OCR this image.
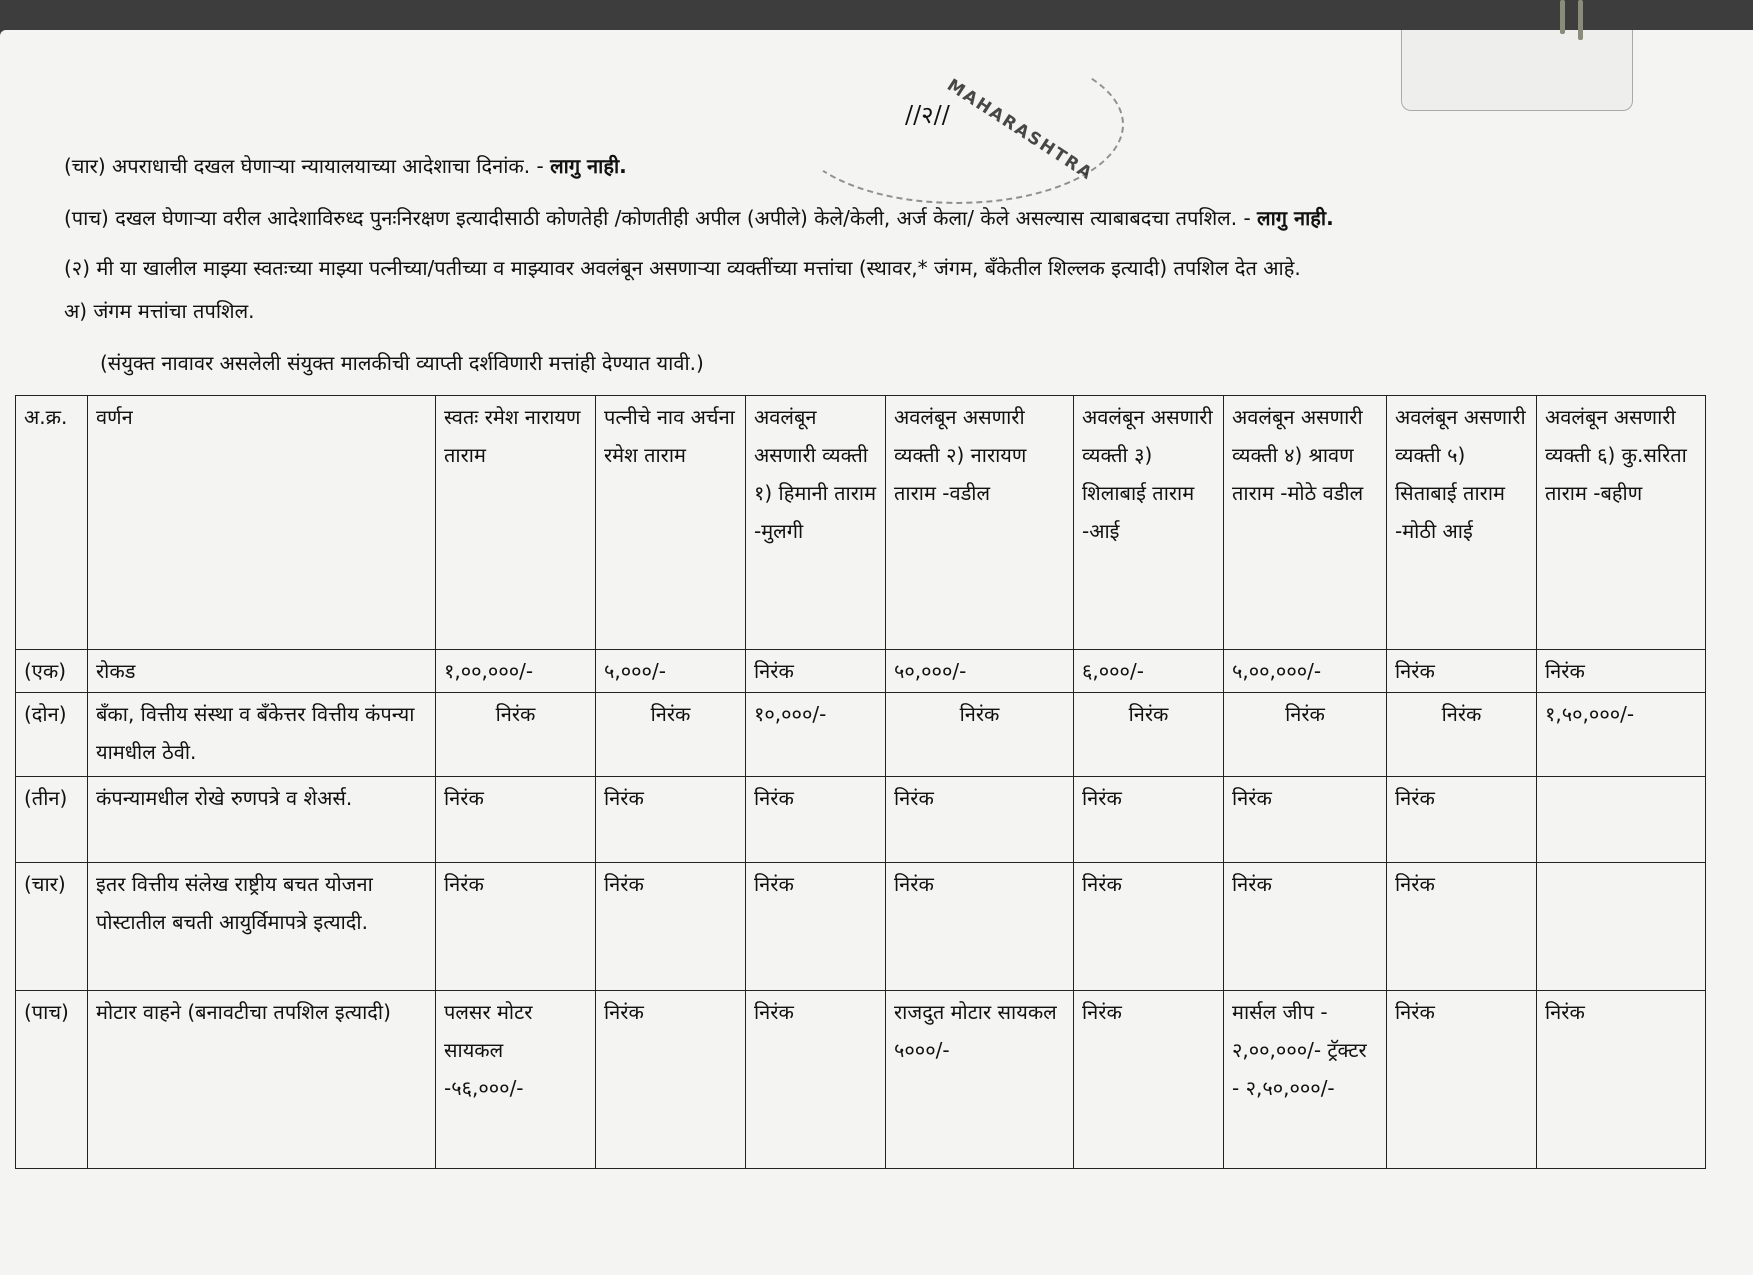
MAHARASHTRA
//२//
(चार) अपराधाची दखल घेणाऱ्या न्यायालयाच्या आदेशाचा दिनांक. - लागु नाही.
(पाच) दखल घेणाऱ्या वरील आदेशाविरुध्द पुनःनिरक्षण इत्यादीसाठी कोणतेही /कोणतीही अपील (अपीले) केले/केली, अर्ज केला/ केले असल्यास त्याबाबदचा तपशिल. - लागु नाही.
(२) मी या खालील माझ्या स्वतःच्या माझ्या पत्नीच्या/पतीच्या व माझ्यावर अवलंबून असणाऱ्या व्यक्तींच्या मत्तांचा (स्थावर,* जंगम, बँकेतील शिल्लक इत्यादी) तपशिल देत आहे.
अ) जंगम मत्तांचा तपशिल.
(संयुक्त नावावर असलेली संयुक्त मालकीची व्याप्ती दर्शविणारी मत्तांही देण्यात यावी.)
अ.क्र.	वर्णन	स्वतः रमेश नारायण ताराम	पत्नीचे नाव अर्चना रमेश ताराम	अवलंबून असणारी व्यक्ती १) हिमानी ताराम -मुलगी	अवलंबून असणारी व्यक्ती २) नारायण ताराम -वडील	अवलंबून असणारी व्यक्ती ३) शिलाबाई ताराम -आई	अवलंबून असणारी व्यक्ती ४) श्रावण ताराम -मोठे वडील	अवलंबून असणारी व्यक्ती ५) सिताबाई ताराम -मोठी आई	अवलंबून असणारी व्यक्ती ६) कु.सरिता ताराम -बहीण
(एक)	रोकड	१,००,०००/-	५,०००/-	निरंक	५०,०००/-	६,०००/-	५,००,०००/-	निरंक	निरंक
(दोन)	बँका, वित्तीय संस्था व बँकेत्तर वित्तीय कंपन्या यामधील ठेवी.	निरंक	निरंक	१०,०००/-	निरंक	निरंक	निरंक	निरंक	१,५०,०००/-
(तीन)	कंपन्यामधील रोखे रुणपत्रे व शेअर्स.	निरंक	निरंक	निरंक	निरंक	निरंक	निरंक	निरंक	
(चार)	इतर वित्तीय संलेख राष्ट्रीय बचत योजना पोस्टातील बचती आयुर्विमापत्रे इत्यादी.	निरंक	निरंक	निरंक	निरंक	निरंक	निरंक	निरंक	
(पाच)	मोटार वाहने (बनावटीचा तपशिल इत्यादी)	पलसर मोटर सायकल -५६,०००/-	निरंक	निरंक	राजदुत मोटार सायकल ५०००/-	निरंक	मार्सल जीप - २,००,०००/- ट्रॅक्टर - २,५०,०००/-	निरंक	निरंक
